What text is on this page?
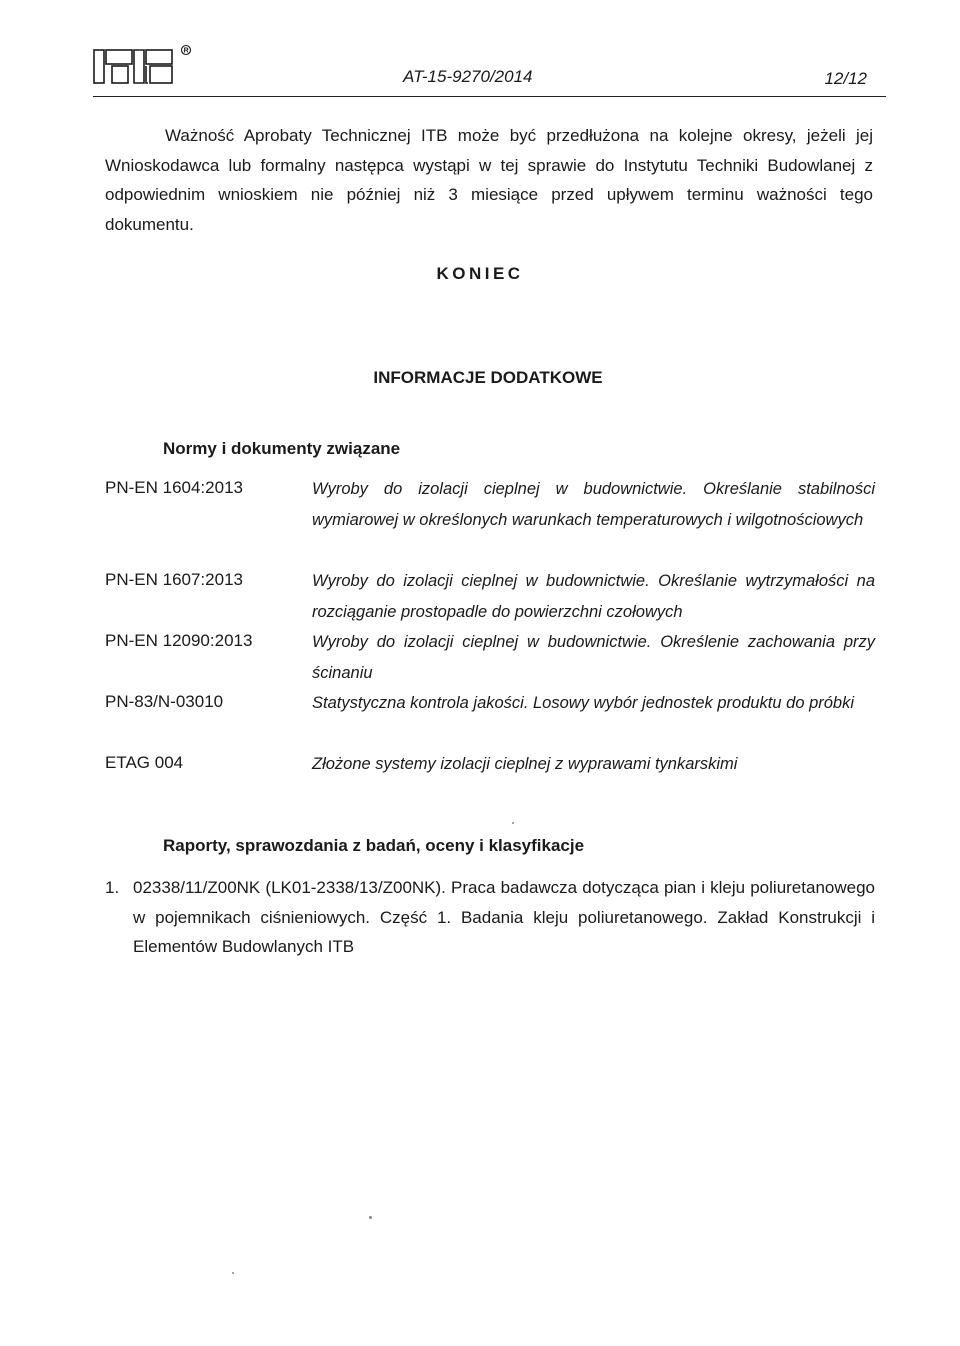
R
AT-15-9270/2014	12/12
Ważność Aprobaty Technicznej ITB może być przedłużona na kolejne okresy, jeżeli jej Wnioskodawca lub formalny następca wystąpi w tej sprawie do Instytutu Techniki Budowlanej z odpowiednim wnioskiem nie później niż 3 miesiące przed upływem terminu ważności tego dokumentu.
KONIEC
INFORMACJE DODATKOWE
Normy i dokumenty związane
PN-EN 1604:2013	Wyroby do izolacji cieplnej w budownictwie. Określanie stabilności wymiarowej w określonych warunkach temperaturowych i wilgotnościowych
PN-EN 1607:2013	Wyroby do izolacji cieplnej w budownictwie. Określanie wytrzymałości na rozciąganie prostopadle do powierzchni czołowych
PN-EN 12090:2013	Wyroby do izolacji cieplnej w budownictwie. Określenie zachowania przy ścinaniu
PN-83/N-03010	Statystyczna kontrola jakości. Losowy wybór jednostek produktu do próbki
ETAG 004	Złożone systemy izolacji cieplnej z wyprawami tynkarskimi
Raporty, sprawozdania z badań, oceny i klasyfikacje
1. 02338/11/Z00NK (LK01-2338/13/Z00NK). Praca badawcza dotycząca pian i kleju poliuretanowego w pojemnikach ciśnieniowych. Część 1. Badania kleju poliuretanowego. Zakład Konstrukcji i Elementów Budowlanych ITB
